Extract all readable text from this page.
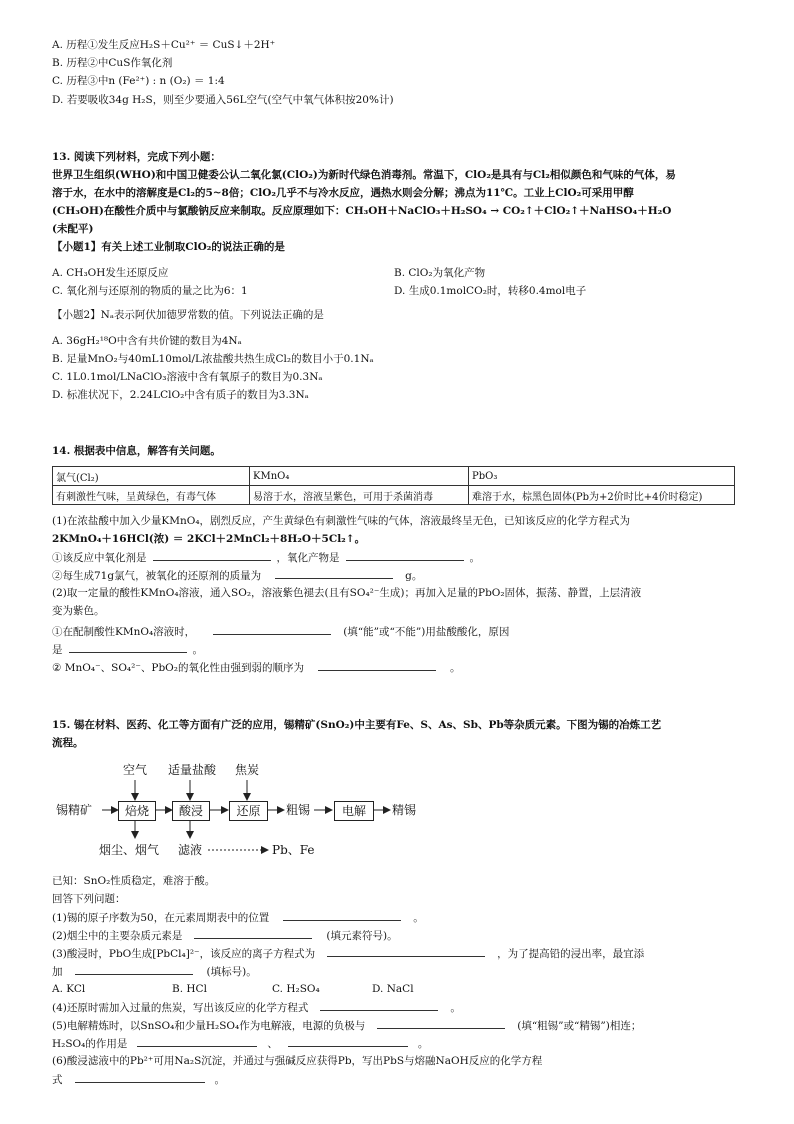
A. 历程①发生反应H₂S＋Cu²⁺ ＝ CuS↓＋2H⁺
B. 历程②中CuS作氧化剂
C. 历程③中n (Fe²⁺) : n (O₂) ＝ 1:4
D. 若要吸收34g H₂S，则至少要通入56L空气(空气中氧气体积按20%计)
13. 阅读下列材料，完成下列小题：
世界卫生组织(WHO)和中国卫健委公认二氧化氯(ClO₂)为新时代绿色消毒剂。常温下，ClO₂是具有与Cl₂相似颜色和气味的气体，易
溶于水，在水中的溶解度是Cl₂的5~8倍；ClO₂几乎不与冷水反应，遇热水则会分解；沸点为11℃。工业上ClO₂可采用甲醇
(CH₃OH)在酸性介质中与氯酸钠反应来制取。反应原理如下：CH₃OH＋NaClO₃＋H₂SO₄ → CO₂↑＋ClO₂↑＋NaHSO₄＋H₂O
(未配平)
【小题1】有关上述工业制取ClO₂的说法正确的是
A. CH₃OH发生还原反应	B. ClO₂为氧化产物
C. 氧化剂与还原剂的物质的量之比为6：1	D. 生成0.1molCO₂时，转移0.4mol电子
【小题2】Nₐ表示阿伏加德罗常数的值。下列说法正确的是
A. 36gH₂¹⁸O中含有共价键的数目为4Nₐ
B. 足量MnO₂与40mL10mol/L浓盐酸共热生成Cl₂的数目小于0.1Nₐ
C. 1L0.1mol/LNaClO₃溶液中含有氧原子的数目为0.3Nₐ
D. 标准状况下，2.24LClO₂中含有质子的数目为3.3Nₐ
14. 根据表中信息，解答有关问题。
氯气(Cl₂)	KMnO₄	PbO₃
有刺激性气味，呈黄绿色，有毒气体	易溶于水，溶液呈紫色，可用于杀菌消毒	难溶于水，棕黑色固体(Pb为+2价时比+4价时稳定)
(1)在浓盐酸中加入少量KMnO₄，剧烈反应，产生黄绿色有刺激性气味的气体，溶液最终呈无色，已知该反应的化学方程式为
2KMnO₄＋16HCl(浓) ＝ 2KCl＋2MnCl₂＋8H₂O＋5Cl₂↑。
①该反应中氧化剂是	，氧化产物是	。
②每生成71g氯气，被氧化的还原剂的质量为	g。
(2)取一定量的酸性KMnO₄溶液，通入SO₂，溶液紫色褪去(且有SO₄²⁻生成)；再加入足量的PbO₂固体，振荡、静置，上层清液
变为紫色。
①在配制酸性KMnO₄溶液时，	(填“能”或“不能”)用盐酸酸化，原因
是	。
② MnO₄⁻、SO₄²⁻、PbO₂的氧化性由强到弱的顺序为	。
15. 锡在材料、医药、化工等方面有广泛的应用，锡精矿(SnO₂)中主要有Fe、S、As、Sb、Pb等杂质元素。下图为锡的冶炼工艺
流程。
空气 适量盐酸 焦炭
锡精矿	焙烧	酸浸	还原	粗锡	电解	精锡
烟尘、烟气 滤液	Pb、Fe
已知：SnO₂性质稳定，难溶于酸。
回答下列问题：
(1)锡的原子序数为50，在元素周期表中的位置	。
(2)烟尘中的主要杂质元素是	(填元素符号)。
(3)酸浸时，PbO生成[PbCl₄]²⁻，该反应的离子方程式为	，为了提高铅的浸出率，最宜添
加	(填标号)。
A. KCl	B. HCl	C. H₂SO₄	D. NaCl
(4)还原时需加入过量的焦炭，写出该反应的化学方程式	。
(5)电解精炼时，以SnSO₄和少量H₂SO₄作为电解液，电源的负极与	(填“粗锡”或“精锡”)相连；
H₂SO₄的作用是	、	。
(6)酸浸滤液中的Pb²⁺可用Na₂S沉淀，并通过与强碱反应获得Pb，写出PbS与熔融NaOH反应的化学方程
式	。
